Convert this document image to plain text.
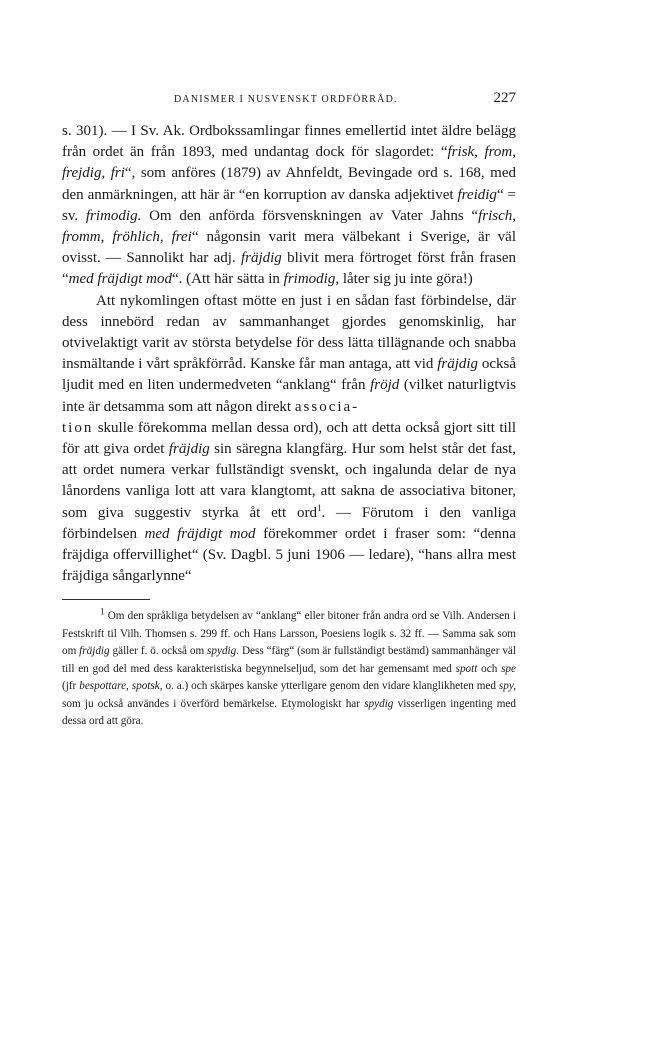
DANISMER I NUSVENSKT ORDFÖRRÅD.	227

s. 301). — I Sv. Ak. Ordbokssamlingar finnes emellertid intet äldre belägg från ordet än från 1893, med undantag dock för slagordet: “frisk, from, frejdig, fri“, som anföres (1879) av Ahnfeldt, Bevingade ord s. 168, med den anmärkningen, att här är “en korruption av danska adjektivet freidig“ = sv. frimodig. Om den anförda försvenskningen av Vater Jahns “frisch, fromm, fröhlich, frei“ någonsin varit mera välbekant i Sverige, är väl ovisst. — Sannolikt har adj. fräjdig blivit mera förtroget först från frasen “med fräjdigt mod“. (Att här sätta in frimodig, låter sig ju inte göra!)

Att nykomlingen oftast mötte en just i en sådan fast förbindelse, där dess innebörd redan av sammanhanget gjordes genomskinlig, har otvivelaktigt varit av största betydelse för dess lätta tillägnande och snabba insmältande i vårt språkförråd. Kanske får man antaga, att vid fräjdig också ljudit med en liten undermedveten “anklang“ från fröjd (vilket naturligtvis inte är detsamma som att någon direkt associa-
tion skulle förekomma mellan dessa ord), och att detta också gjort sitt till för att giva ordet fräjdig sin säregna klangfärg. Hur som helst står det fast, att ordet numera verkar fullständigt svenskt, och ingalunda delar de nya lånordens vanliga lott att vara klangtomt, att sakna de associativa bitoner, som giva suggestiv styrka åt ett ord$^1$. — Förutom i den vanliga förbindelsen med fräjdigt mod förekommer ordet i fraser som: “denna fräjdiga offervillighet“ (Sv. Dagbl. 5 juni 1906 — ledare), “hans allra mest fräjdiga sångarlynne“

$^1$ Om den språkliga betydelsen av “anklang“ eller bitoner från andra ord se Vilh. Andersen i Festskrift til Vilh. Thomsen s. 299 ff. och Hans Larsson, Poesiens logik s. 32 ff. — Samma sak som om fräjdig gäller f. ö. också om spydig. Dess “färg“ (som är fullständigt bestämd) sammanhänger väl till en god del med dess karakteristiska begynnelseljud, som det har gemensamt med spott och spe (jfr bespottare, spotsk, o. a.) och skärpes kanske ytterligare genom den vidare klanglikheten med spy, som ju också användes i överförd bemärkelse. Etymologiskt har spydig visserligen ingenting med dessa ord att göra.
